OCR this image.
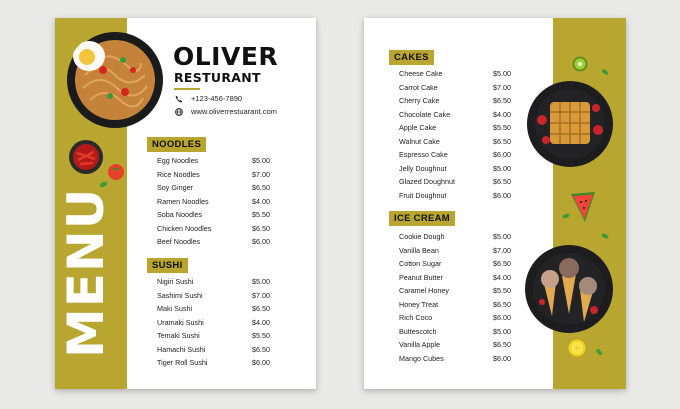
MENU
OLIVER
RESTURANT
+123-456-7890
www.oliverrestuarant.com
NOODLES
Egg Noodles	$5.00
Rice Noodles	$7.00
Soy Ginger	$6.50
Ramen Noodles	$4.00
Soba Noodles	$5.50
Chicken Noodles	$6.50
Beef Noodles	$6.00
SUSHI
Nigiri Sushi	$5.00
Sashimi Sushi	$7.00
Maki Sushi	$6.50
Uramaki Sushi	$4.00
Temaki Sushi	$5.50
Hamachi Sushi	$6.50
Tiger Roll Sushi	$6.00
CAKES
Cheese Cake	$5.00
Carrot Cake	$7.00
Cherry Cake	$6.50
Chocolate Cake	$4.00
Apple Cake	$5.50
Walnut Cake	$6.50
Espresso Cake	$6.00
Jelly Doughnut	$5.00
Glazed Doughnut	$6.50
Fruit Doughnut	$6.00
ICE CREAM
Cookie Dough	$5.00
Vanilla Bean	$7.00
Cotton Sugar	$6.50
Peanut Butter	$4.00
Caramel Honey	$5.50
Honey Treat	$6.50
Rich Coco	$6.00
Buttescotch	$5.00
Vanilla Apple	$6.50
Mango Cubes	$6.00
